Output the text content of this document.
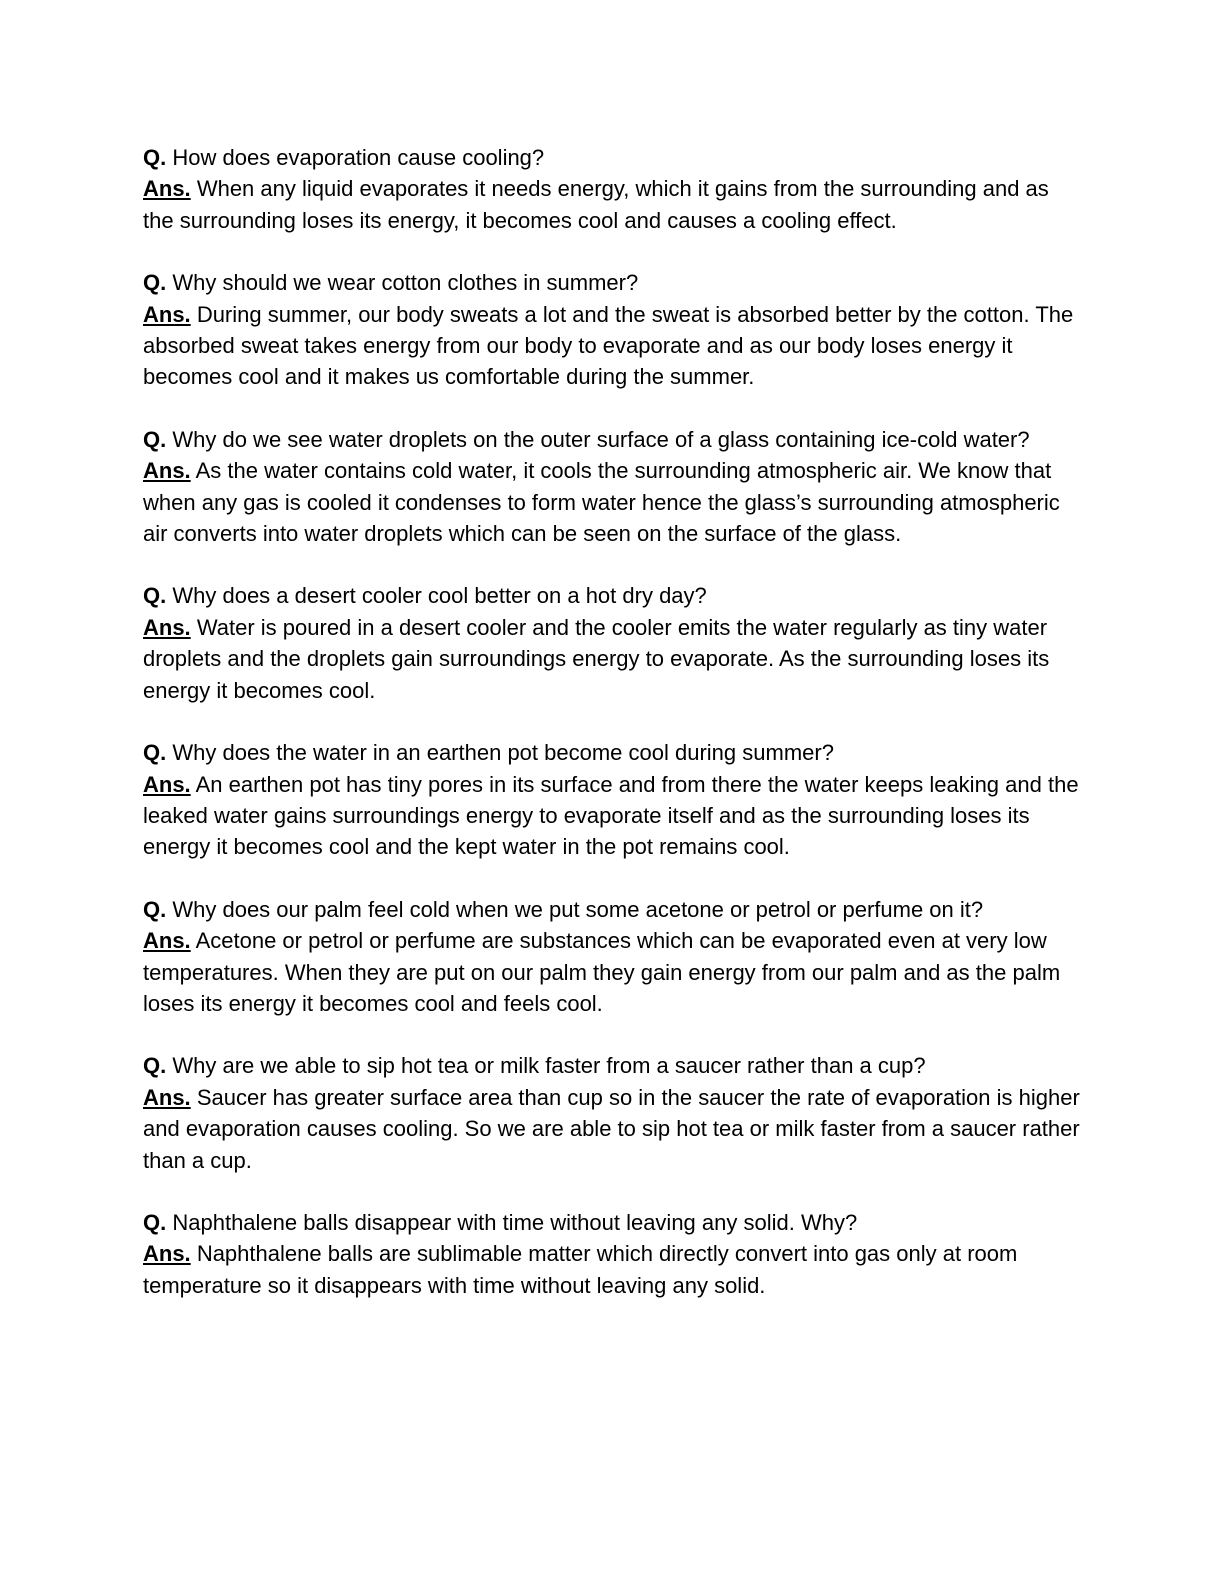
Q. How does evaporation cause cooling?

Ans. When any liquid evaporates it needs energy, which it gains from the surrounding and as the surrounding loses its energy, it becomes cool and causes a cooling effect.

Q. Why should we wear cotton clothes in summer?

Ans. During summer, our body sweats a lot and the sweat is absorbed better by the cotton. The absorbed sweat takes energy from our body to evaporate and as our body loses energy it becomes cool and it makes us comfortable during the summer.

Q. Why do we see water droplets on the outer surface of a glass containing ice-cold water?

Ans. As the water contains cold water, it cools the surrounding atmospheric air. We know that when any gas is cooled it condenses to form water hence the glass’s surrounding atmospheric air converts into water droplets which can be seen on the surface of the glass.

Q. Why does a desert cooler cool better on a hot dry day?

Ans. Water is poured in a desert cooler and the cooler emits the water regularly as tiny water droplets and the droplets gain surroundings energy to evaporate. As the surrounding loses its energy it becomes cool.

Q. Why does the water in an earthen pot become cool during summer?

Ans. An earthen pot has tiny pores in its surface and from there the water keeps leaking and the leaked water gains surroundings energy to evaporate itself and as the surrounding loses its energy it becomes cool and the kept water in the pot remains cool.

Q. Why does our palm feel cold when we put some acetone or petrol or perfume on it?

Ans. Acetone or petrol or perfume are substances which can be evaporated even at very low temperatures. When they are put on our palm they gain energy from our palm and as the palm loses its energy it becomes cool and feels cool.

Q. Why are we able to sip hot tea or milk faster from a saucer rather than a cup?

Ans. Saucer has greater surface area than cup so in the saucer the rate of evaporation is higher and evaporation causes cooling. So we are able to sip hot tea or milk faster from a saucer rather than a cup.

Q. Naphthalene balls disappear with time without leaving any solid. Why?

Ans. Naphthalene balls are sublimable matter which directly convert into gas only at room temperature so it disappears with time without leaving any solid.
